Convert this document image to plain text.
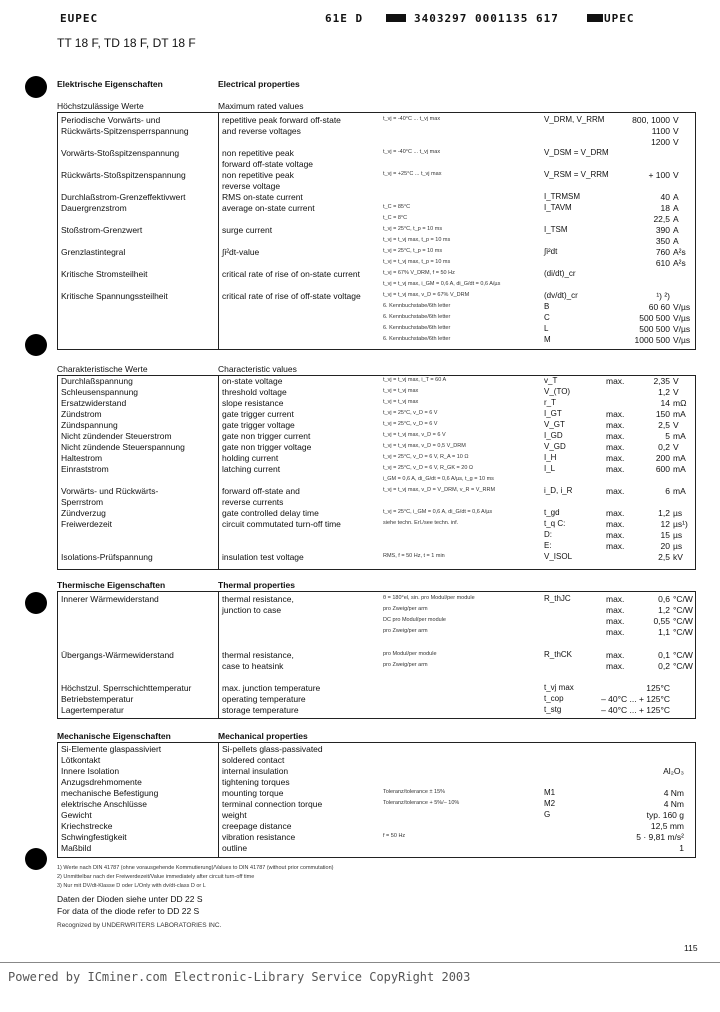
EUPEC	61E D	3403297 0001135 617	UPEC
TT 18 F, TD 18 F, DT 18 F
Elektrische Eigenschaften	Electrical properties
Höchstzulässige Werte	Maximum rated values
Periodische Vorwärts- und	repetitive peak forward off-state	t_vj = -40°C ... t_vj max	V_DRM, V_RRM	800, 1000 V
Rückwärts-Spitzensperrspannung	and reverse voltages	1100 V
1200 V
Vorwärts-Stoßspitzenspannung	non repetitive peak	t_vj = -40°C ... t_vj max	V_DSM = V_DRM
forward off-state voltage
Rückwärts-Stoßspitzenspannung	non repetitive peak	t_vj = +25°C ... t_vj max	V_RSM = V_RRM	+ 100 V
reverse voltage
Durchlaßstrom-Grenzeffektivwert	RMS on-state current	I_TRMSM	40 A
Dauergrenzstrom	average on-state current	t_C = 85°C	I_TAVM	18 A
t_C = 8°C	22,5 A
Stoßstrom-Grenzwert	surge current	t_vj = 25°C, t_p = 10 ms	I_TSM	390 A
t_vj = t_vj max, t_p = 10 ms	350 A
Grenzlastintegral	∫i²dt-value	t_vj = 25°C, t_p = 10 ms	∫i²dt	760 A²s
t_vj = t_vj max, t_p = 10 ms	610 A²s
Kritische Stromsteilheit	critical rate of rise of on-state current	t_vj = 67% V_DRM, f = 50 Hz	(di/dt)_cr
t_vj = t_vj max, i_GM = 0,6 A, di_G/dt = 0,6 A/µs
Kritische Spannungssteilheit	critical rate of rise of off-state voltage	t_vj = t_vj max, v_D = 67% V_DRM	(dv/dt)_cr	¹) ²)
6. Kennbuchstabe/6th letter	B	60 60 V/µs
6. Kennbuchstabe/6th letter	C	500 500 V/µs
6. Kennbuchstabe/6th letter	L	500 500 V/µs
6. Kennbuchstabe/6th letter	M	1000 500 V/µs
Charakteristische Werte	Characteristic values
Durchlaßspannung	on-state voltage	t_vj = t_vj max, i_T = 60 A	v_T	max.	2,35 V
Schleusenspannung	threshold voltage	t_vj = t_vj max	V_(TO)	1,2 V
Ersatzwiderstand	slope resistance	t_vj = t_vj max	r_T	14 mΩ
Zündstrom	gate trigger current	t_vj = 25°C, v_D = 6 V	I_GT	max.	150 mA
Zündspannung	gate trigger voltage	t_vj = 25°C, v_D = 6 V	V_GT	max.	2,5 V
Nicht zündender Steuerstrom	gate non trigger current	t_vj = t_vj max, v_D = 6 V	I_GD	max.	5 mA
Nicht zündende Steuerspannung	gate non trigger voltage	t_vj = t_vj max, v_D = 0,5 V_DRM	V_GD	max.	0,2 V
Haltestrom	holding current	t_vj = 25°C, v_D = 6 V, R_A = 10 Ω	I_H	max.	200 mA
Einraststrom	latching current	t_vj = 25°C, v_D = 6 V, R_GK = 20 Ω	I_L	max.	600 mA
i_GM = 0,6 A, di_G/dt = 0,6 A/µs, t_g = 10 ms
Vorwärts- und Rückwärts-	forward off-state and	t_vj = t_vj max, v_D = V_DRM, v_R = V_RRM	i_D, i_R	max.	6 mA
Sperrstrom	reverse currents
Zündverzug	gate controlled delay time	t_vj = 25°C, i_GM = 0,6 A, di_G/dt = 0,6 A/µs	t_gd	max.	1,2 µs
Freiwerdezeit	circuit commutated turn-off time	siehe techn. Erl./see techn. inf.	t_q C:	max.	12 µs¹)
D:	max.	15 µs
E:	max.	20 µs
Isolations-Prüfspannung	insulation test voltage	RMS, f = 50 Hz, t = 1 min	V_ISOL	2,5 kV
Thermische Eigenschaften	Thermal properties
Innerer Wärmewiderstand	thermal resistance,	θ = 180°el, sin. pro Modul/per module	R_thJC	max.	0,6 °C/W
junction to case	pro Zweig/per arm	max.	1,2 °C/W
DC pro Modul/per module	max.	0,55 °C/W
pro Zweig/per arm	max.	1,1 °C/W
Übergangs-Wärmewiderstand	thermal resistance,	pro Modul/per module	R_thCK	max.	0,1 °C/W
case to heatsink	pro Zweig/per arm	max.	0,2 °C/W
Höchstzul. Sperrschichttemperatur	max. junction temperature	t_vj max	125°C
Betriebstemperatur	operating temperature	t_cop	– 40°C ... + 125°C
Lagertemperatur	storage temperature	t_stg	– 40°C ... + 125°C
Mechanische Eigenschaften	Mechanical properties
Si-Elemente glaspassiviert	Si-pellets glass-passivated
Lötkontakt	soldered contact
Innere Isolation	internal insulation	Al₂O₃
Anzugsdrehmomente	tightening torques
mechanische Befestigung	mounting torque	Toleranz/tolerance ± 15%	M1	4 Nm
elektrische Anschlüsse	terminal connection torque	Toleranz/tolerance + 5%/– 10%	M2	4 Nm
Gewicht	weight	G	typ. 160 g
Kriechstrecke	creepage distance	12,5 mm
Schwingfestigkeit	vibration resistance	f = 50 Hz	5 · 9,81 m/s²
Maßbild	outline	1
1) Werte nach DIN 41787 (ohne vorausgehende Kommutierung)/Values to DIN 41787 (without prior commutation)
2) Unmittelbar nach der Freiwerdezeit/Value immediately after circuit turn-off time
3) Nur mit DV/dt-Klasse D oder L/Only with dv/dt-class D or L
Daten der Dioden siehe unter DD 22 S
For data of the diode refer to DD 22 S
Recognized by UNDERWRITERS LABORATORIES INC.
115
Powered by ICminer.com Electronic-Library Service CopyRight 2003
